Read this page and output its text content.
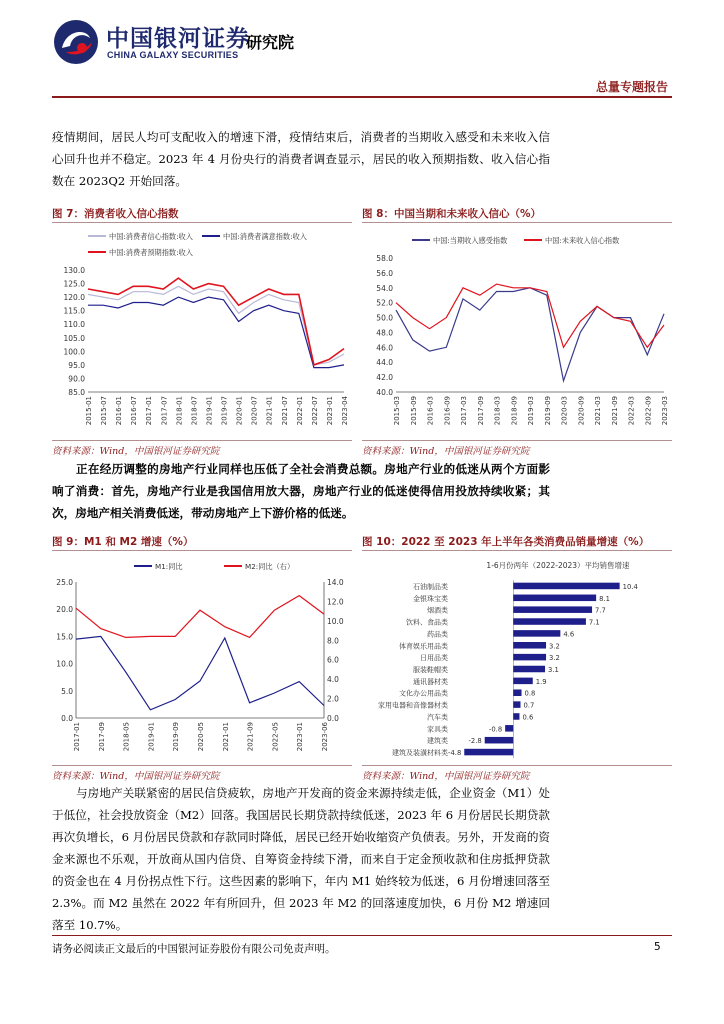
中国银河证券
CHINA GALAXY SECURITIES
研究院
总量专题报告

疫情期间，居民人均可支配收入的增速下滑，疫情结束后，消费者的当期收入感受和未来收入信心回升也并不稳定。2023 年 4 月份央行的消费者调查显示，居民的收入预期指数、收入信心指数在 2023Q2 开始回落。

图 7：消费者收入信心指数
中国:消费者信心指数:收入	中国:消费者满意指数:收入
中国:消费者预期指数:收入
130.0
125.0
120.0
115.0
110.0
105.0
100.0
95.0
90.0
85.0
2015-01 2015-07 2016-01 2016-07 2017-01 2017-07 2018-01 2018-07 2019-01 2019-07 2020-01 2020-07 2021-01 2021-07 2022-01 2022-07 2023-01 2023-04
资料来源：Wind，中国银河证券研究院
图 8：中国当期和未来收入信心（%）
中国:当期收入感受指数	中国:未来收入信心指数
58.0
56.0
54.0
52.0
50.0
48.0
46.0
44.0
42.0
40.0
2015-03 2015-09 2016-03 2016-09 2017-03 2017-09 2018-03 2018-09 2019-03 2019-09 2020-03 2020-09 2021-03 2021-09 2022-03 2022-09 2023-03
资料来源：Wind，中国银河证券研究院

正在经历调整的房地产行业同样也压低了全社会消费总额。房地产行业的低迷从两个方面影响了消费：首先，房地产行业是我国信用放大器，房地产行业的低迷使得信用投放持续收紧；其次，房地产相关消费低迷，带动房地产上下游价格的低迷。

图 9：M1 和 M2 增速（%）
M1:同比	M2:同比（右）
25.0
20.0
15.0
10.0
5.0
0.0
14.0
12.0
10.0
8.0
6.0
4.0
2.0
0.0
2017-01 2017-09 2018-05 2019-01 2019-09 2020-05 2021-01 2021-09 2022-05 2023-01 2023-06
资料来源：Wind，中国银河证券研究院
图 10：2022 至 2023 年上半年各类消费品销量增速（%）
1-6月份两年（2022-2023）平均销售增速
石油制品类	10.4
金银珠宝类	8.1
烟酒类	7.7
饮料、食品类	7.1
药品类	4.6
体育娱乐用品类	3.2
日用品类	3.2
服装鞋帽类	3.1
通讯器材类	1.9
文化办公用品类	0.8
家用电器和音像器材类	0.7
汽车类	0.6
家具类	-0.8
建筑类	-2.8
建筑及装潢材料类 -4.8
资料来源：Wind，中国银河证券研究院

与房地产关联紧密的居民信贷疲软，房地产开发商的资金来源持续走低，企业资金（M1）处于低位，社会投放资金（M2）回落。我国居民长期贷款持续低迷，2023 年 6 月份居民长期贷款再次负增长，6 月份居民贷款和存款同时降低，居民已经开始收缩资产负债表。另外，开发商的资金来源也不乐观，开放商从国内信贷、自筹资金持续下滑，而来自于定金预收款和住房抵押贷款的资金也在 4 月份拐点性下行。这些因素的影响下，年内 M1 始终较为低迷，6 月份增速回落至 2.3%。而 M2 虽然在 2022 年有所回升，但 2023 年 M2 的回落速度加快，6 月份 M2 增速回落至 10.7%。

请务必阅读正文最后的中国银河证券股份有限公司免责声明。	5
